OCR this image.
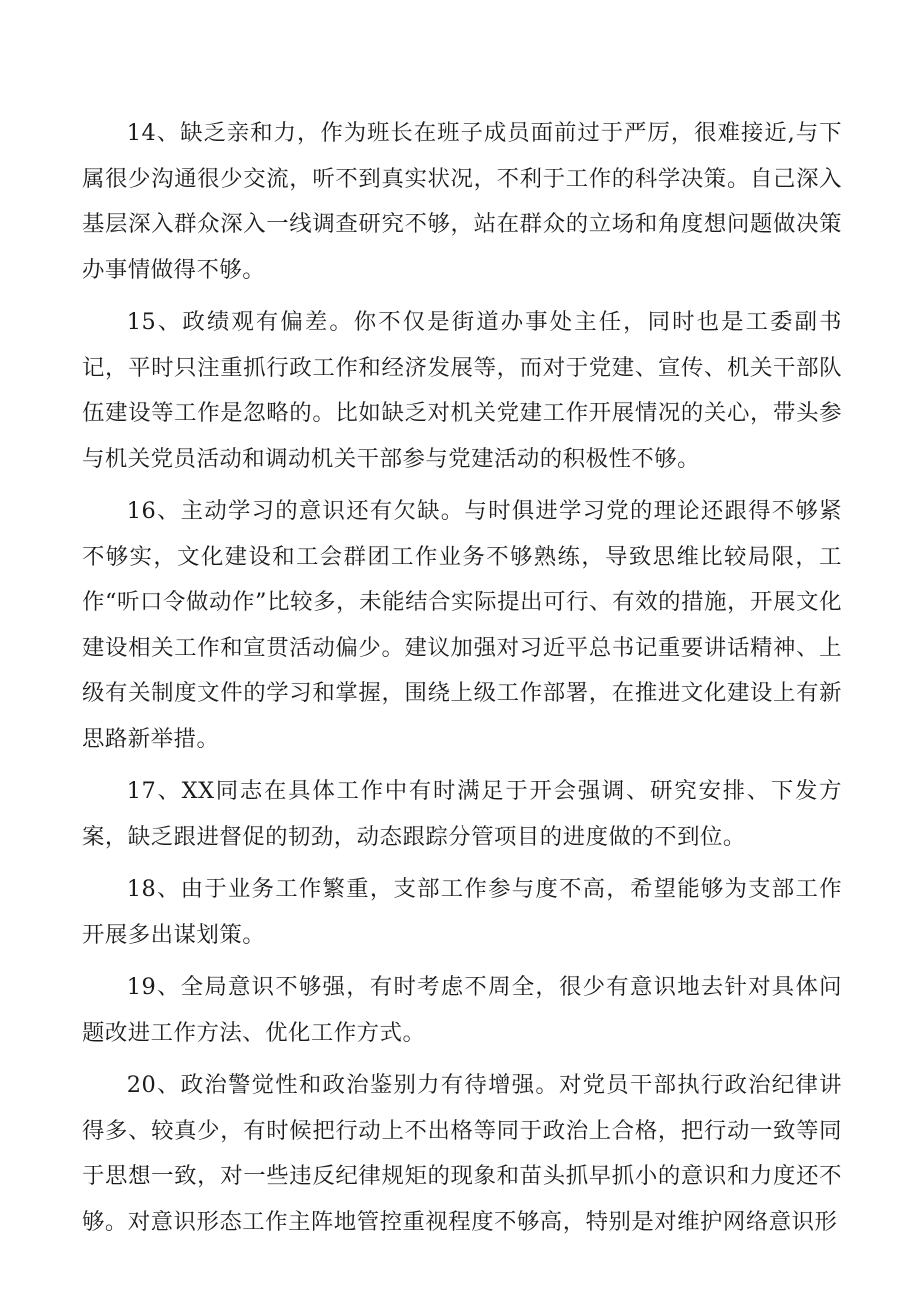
14、缺乏亲和力，作为班长在班子成员面前过于严厉，很难接近,与下属很少沟通很少交流，听不到真实状况，不利于工作的科学决策。自己深入基层深入群众深入一线调查研究不够，站在群众的立场和角度想问题做决策办事情做得不够。

15、政绩观有偏差。你不仅是街道办事处主任，同时也是工委副书记，平时只注重抓行政工作和经济发展等，而对于党建、宣传、机关干部队伍建设等工作是忽略的。比如缺乏对机关党建工作开展情况的关心，带头参与机关党员活动和调动机关干部参与党建活动的积极性不够。

16、主动学习的意识还有欠缺。与时俱进学习党的理论还跟得不够紧不够实，文化建设和工会群团工作业务不够熟练，导致思维比较局限，工作“听口令做动作”比较多，未能结合实际提出可行、有效的措施，开展文化建设相关工作和宣贯活动偏少。建议加强对习近平总书记重要讲话精神、上级有关制度文件的学习和掌握，围绕上级工作部署，在推进文化建设上有新思路新举措。

17、XX同志在具体工作中有时满足于开会强调、研究安排、下发方案，缺乏跟进督促的韧劲，动态跟踪分管项目的进度做的不到位。

18、由于业务工作繁重，支部工作参与度不高，希望能够为支部工作开展多出谋划策。

19、全局意识不够强，有时考虑不周全，很少有意识地去针对具体问题改进工作方法、优化工作方式。

20、政治警觉性和政治鉴别力有待增强。对党员干部执行政治纪律讲得多、较真少，有时候把行动上不出格等同于政治上合格，把行动一致等同于思想一致，对一些违反纪律规矩的现象和苗头抓早抓小的意识和力度还不够。对意识形态工作主阵地管控重视程度不够高，特别是对维护网络意识形
